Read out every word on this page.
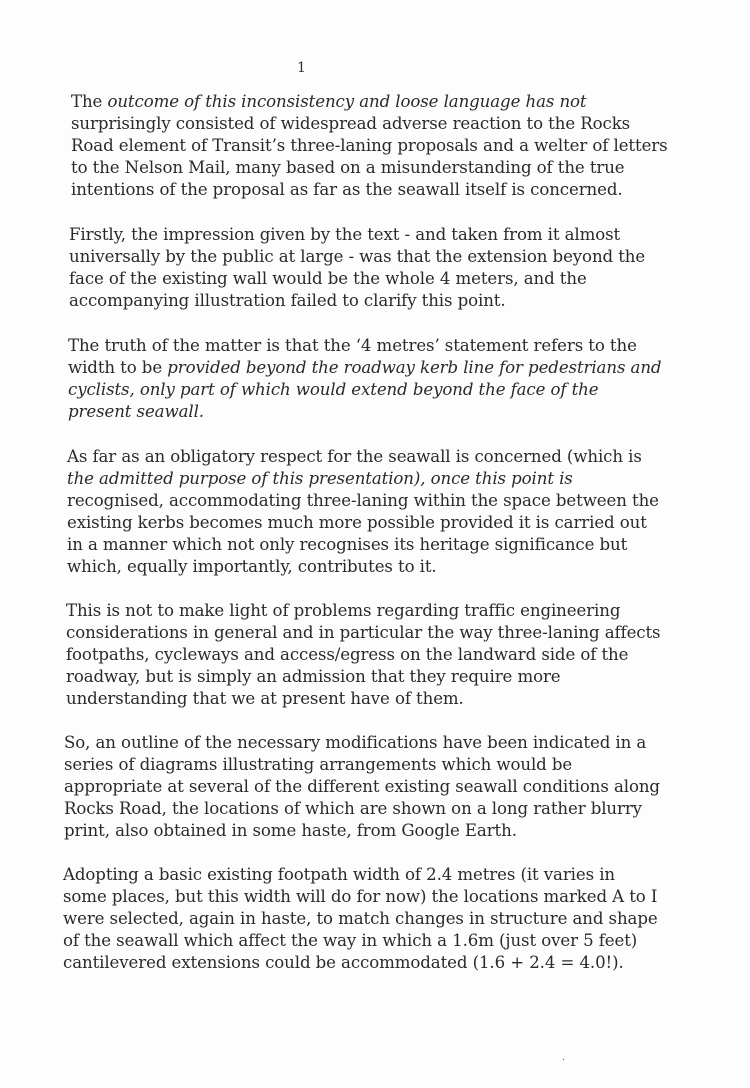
1

The outcome of this inconsistency and loose language has not
surprisingly consisted of widespread adverse reaction to the Rocks
Road element of Transit’s three-laning proposals and a welter of letters
to the Nelson Mail, many based on a misunderstanding of the true
intentions of the proposal as far as the seawall itself is concerned.

Firstly, the impression given by the text - and taken from it almost
universally by the public at large - was that the extension beyond the
face of the existing wall would be the whole 4 meters, and the
accompanying illustration failed to clarify this point.

The truth of the matter is that the ‘4 metres’ statement refers to the
width to be provided beyond the roadway kerb line for pedestrians and
cyclists, only part of which would extend beyond the face of the
present seawall.

As far as an obligatory respect for the seawall is concerned (which is
the admitted purpose of this presentation), once this point is
recognised, accommodating three-laning within the space between the
existing kerbs becomes much more possible provided it is carried out
in a manner which not only recognises its heritage significance but
which, equally importantly, contributes to it.

This is not to make light of problems regarding traffic engineering
considerations in general and in particular the way three-laning affects
footpaths, cycleways and access/egress on the landward side of the
roadway, but is simply an admission that they require more
understanding that we at present have of them.

So, an outline of the necessary modifications have been indicated in a
series of diagrams illustrating arrangements which would be
appropriate at several of the different existing seawall conditions along
Rocks Road, the locations of which are shown on a long rather blurry
print, also obtained in some haste, from Google Earth.

Adopting a basic existing footpath width of 2.4 metres (it varies in
some places, but this width will do for now) the locations marked A to I
were selected, again in haste, to match changes in structure and shape
of the seawall which affect the way in which a 1.6m (just over 5 feet)
cantilevered extensions could be accommodated (1.6 + 2.4 = 4.0!).

·
